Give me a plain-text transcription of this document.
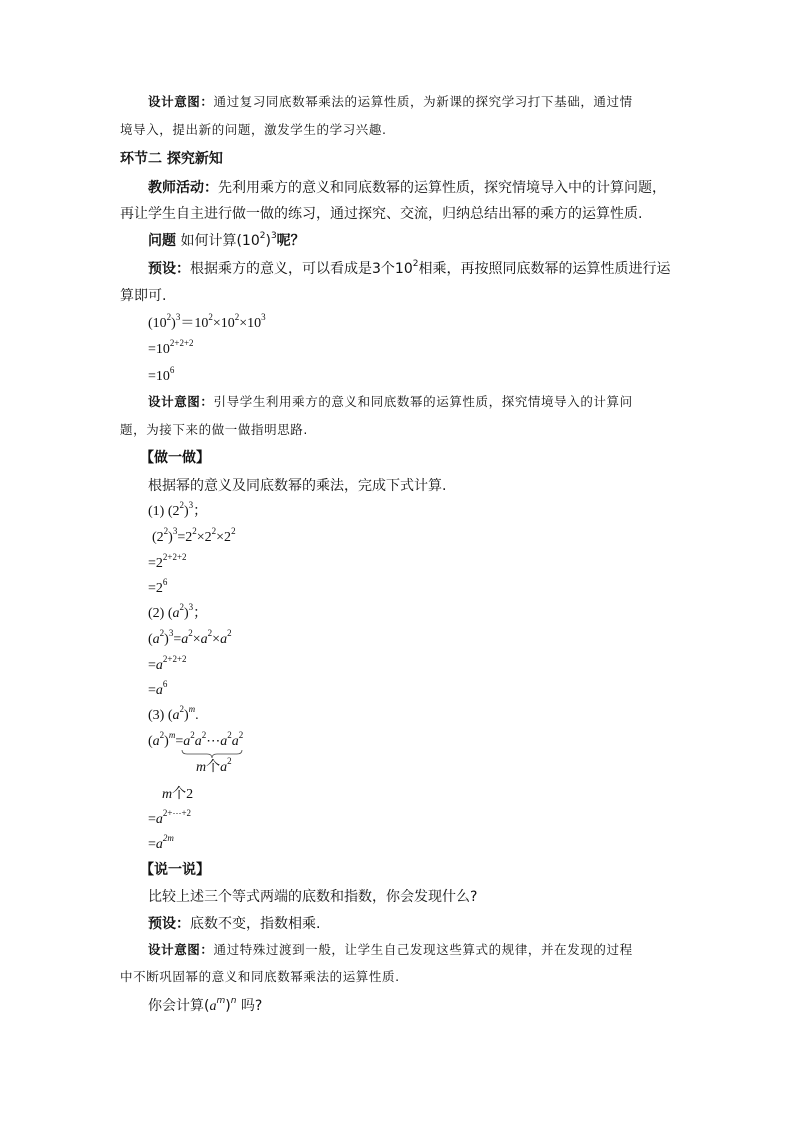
设计意图：通过复习同底数幂乘法的运算性质，为新课的探究学习打下基础，通过情
境导入，提出新的问题，激发学生的学习兴趣.
环节二 探究新知
教师活动：先利用乘方的意义和同底数幂的运算性质，探究情境导入中的计算问题，
再让学生自主进行做一做的练习，通过探究、交流，归纳总结出幂的乘方的运算性质.
问题 如何计算$(10^2)^3$呢？
预设：根据乘方的意义，可以看成是3个$10^2$相乘，再按照同底数幂的运算性质进行运
算即可.
$(10^2)^3=10^2\times 10^2\times 10^3$
$=10^{2+2+2}$
$=10^6$
设计意图：引导学生利用乘方的意义和同底数幂的运算性质，探究情境导入的计算问
题，为接下来的做一做指明思路.
【做一做】
根据幂的意义及同底数幂的乘法，完成下式计算.
(1) $(2^2)^3$；
$(2^2)^3=2^2\times 2^2\times 2^2$
$=2^{2+2+2}$
$=2^6$
(2) $(a^2)^3$；
$(a^2)^3=a^2\times a^2\times a^2$
$=a^{2+2+2}$
$=a^6$
(3) $(a^2)^m$.
$(a^2)^m=a^2a^2\cdots a^2a^2$
m个$a^2$
m个2
$=a^{2+\cdots+2}$
$=a^{2m}$
【说一说】
比较上述三个等式两端的底数和指数，你会发现什么?
预设：底数不变，指数相乘.
设计意图：通过特殊过渡到一般，让学生自己发现这些算式的规律，并在发现的过程
中不断巩固幂的意义和同底数幂乘法的运算性质.
你会计算$(a^m)^n$ 吗?
